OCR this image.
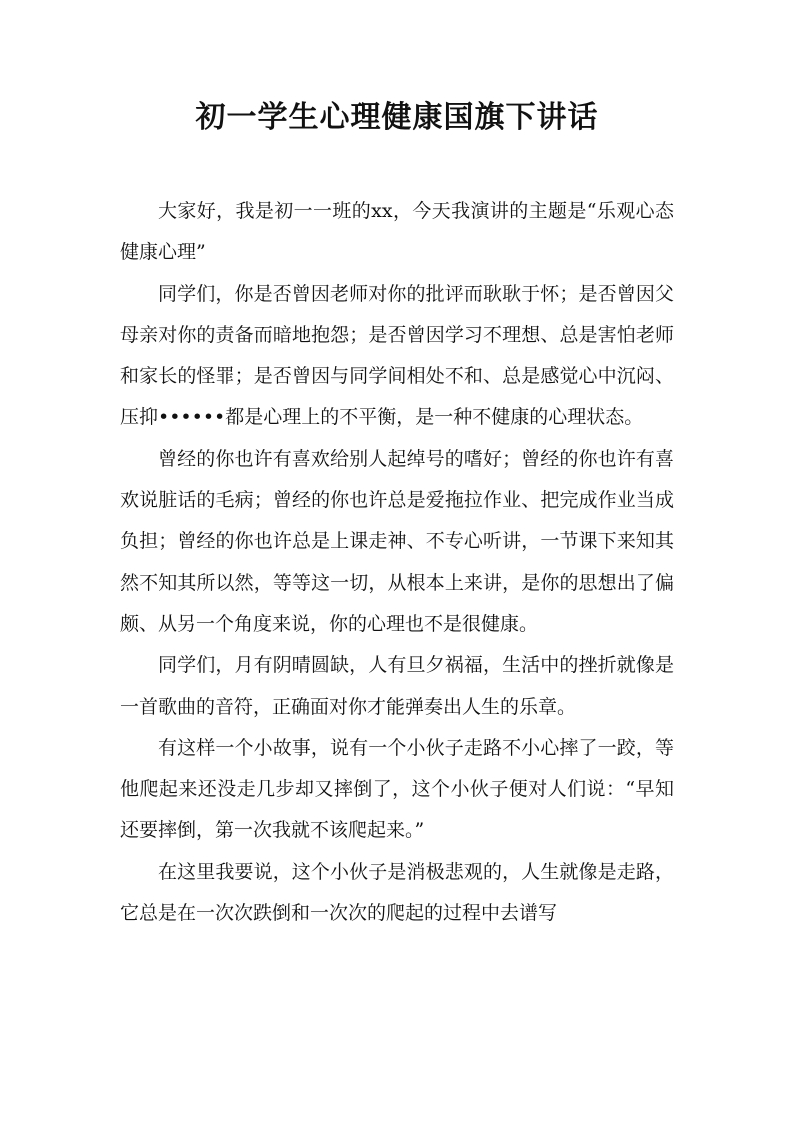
初一学生心理健康国旗下讲话

大家好，我是初一一班的xx，今天我演讲的主题是“乐观心态 健康心理”

同学们，你是否曾因老师对你的批评而耿耿于怀；是否曾因父母亲对你的责备而暗地抱怨；是否曾因学习不理想、总是害怕老师和家长的怪罪；是否曾因与同学间相处不和、总是感觉心中沉闷、压抑••••••都是心理上的不平衡，是一种不健康的心理状态。

曾经的你也许有喜欢给别人起绰号的嗜好；曾经的你也许有喜欢说脏话的毛病；曾经的你也许总是爱拖拉作业、把完成作业当成负担；曾经的你也许总是上课走神、不专心听讲，一节课下来知其然不知其所以然，等等这一切，从根本上来讲，是你的思想出了偏颇、从另一个角度来说，你的心理也不是很健康。

同学们，月有阴晴圆缺，人有旦夕祸福，生活中的挫折就像是一首歌曲的音符，正确面对你才能弹奏出人生的乐章。

有这样一个小故事，说有一个小伙子走路不小心摔了一跤，等他爬起来还没走几步却又摔倒了，这个小伙子便对人们说：“早知还要摔倒，第一次我就不该爬起来。”

在这里我要说，这个小伙子是消极悲观的，人生就像是走路，它总是在一次次跌倒和一次次的爬起的过程中去谱写
